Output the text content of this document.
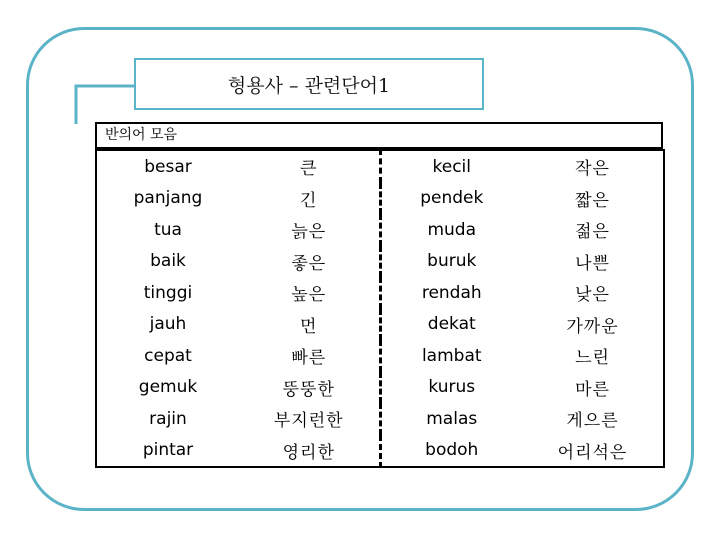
형용사 – 관련단어1
반의어 모음
besar	큰	kecil	작은
panjang	긴	pendek	짧은
tua	늙은	muda	젊은
baik	좋은	buruk	나쁜
tinggi	높은	rendah	낮은
jauh	먼	dekat	가까운
cepat	빠른	lambat	느린
gemuk	뚱뚱한	kurus	마른
rajin	부지런한	malas	게으른
pintar	영리한	bodoh	어리석은
